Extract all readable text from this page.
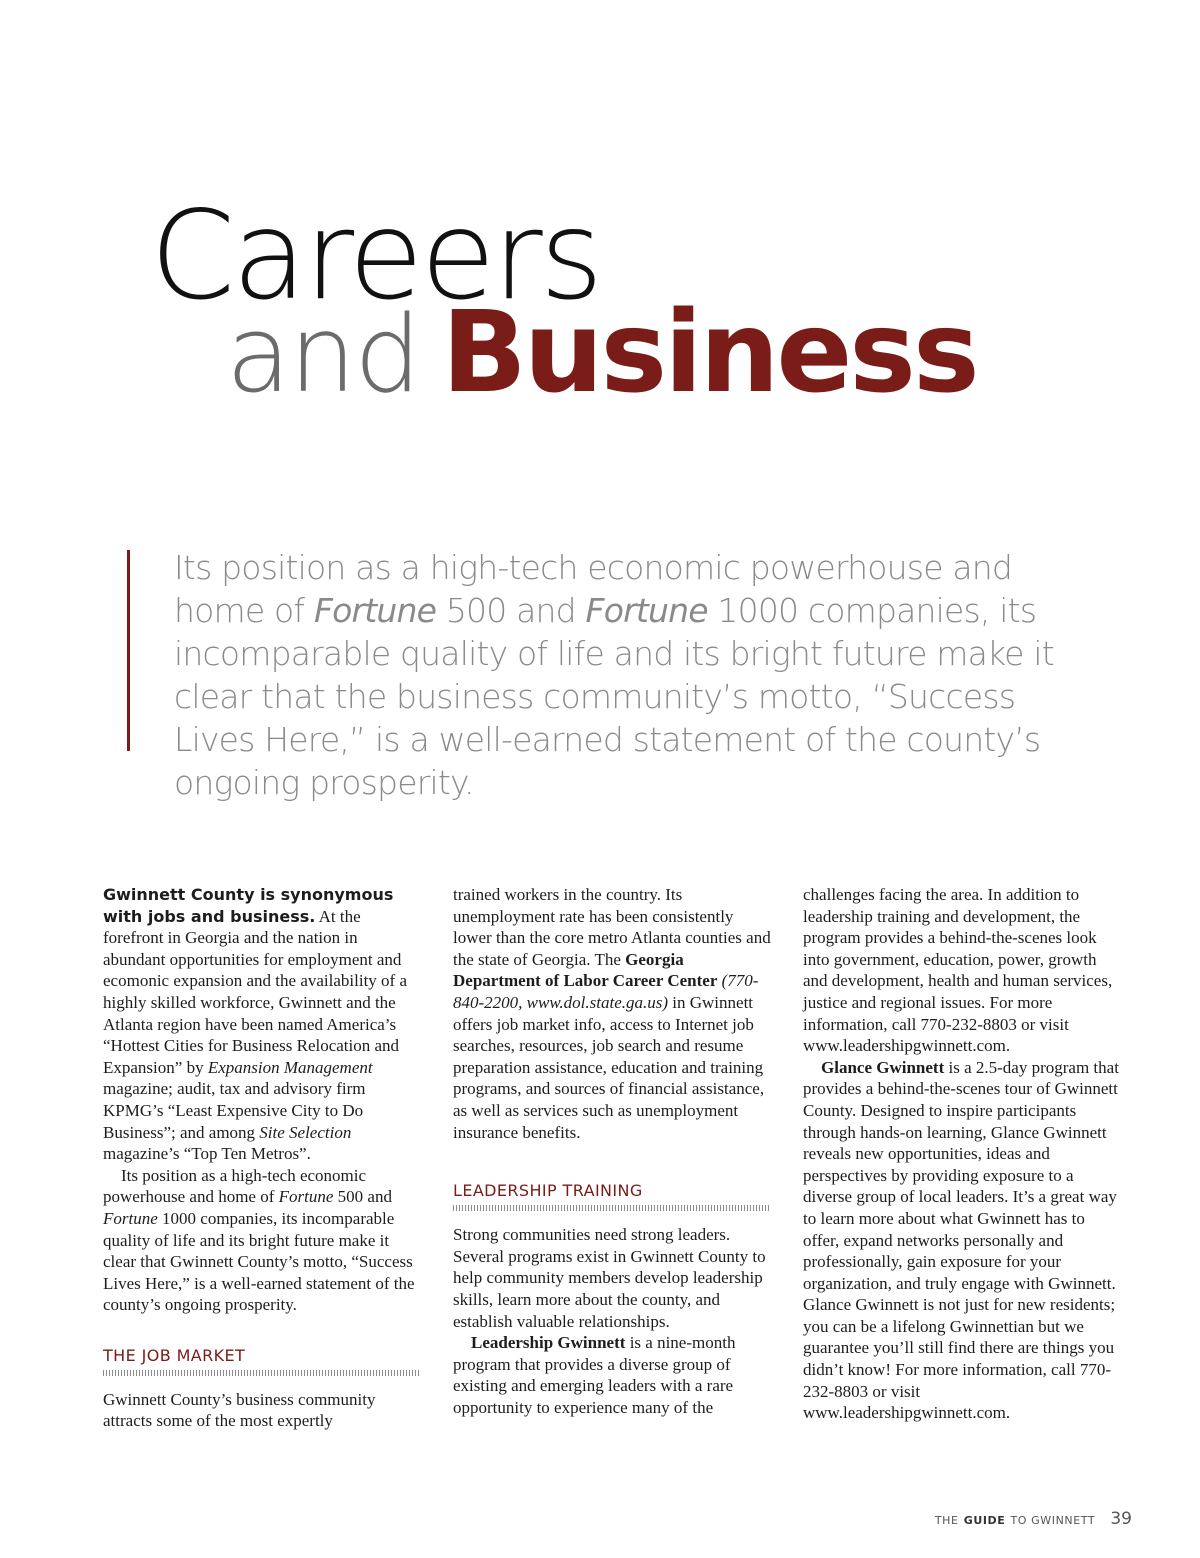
Careers
and Business
Its position as a high-tech economic powerhouse and home of Fortune 500 and Fortune 1000 companies, its incomparable quality of life and its bright future make it clear that the business community’s motto, “Success Lives Here,” is a well-earned statement of the county’s ongoing prosperity.

Gwinnett County is synonymous with jobs and business. At the forefront in Georgia and the nation in abundant opportunities for employment and ecomonic expansion and the availability of a highly skilled workforce, Gwinnett and the Atlanta region have been named America’s “Hottest Cities for Business Relocation and Expansion” by Expansion Management magazine; audit, tax and advisory firm KPMG’s “Least Expensive City to Do Business”; and among Site Selection magazine’s “Top Ten Metros”.

Its position as a high-tech economic powerhouse and home of Fortune 500 and Fortune 1000 companies, its incomparable quality of life and its bright future make it clear that Gwinnett County’s motto, “Success Lives Here,” is a well-earned statement of the county’s ongoing prosperity.

THE JOB MARKET

Gwinnett County’s business community attracts some of the most expertly

trained workers in the country. Its unemployment rate has been consistently lower than the core metro Atlanta counties and the state of Georgia. The Georgia Department of Labor Career Center (770-840-2200, www.dol.state.ga.us) in Gwinnett offers job market info, access to Internet job searches, resources, job search and resume preparation assistance, education and training programs, and sources of financial assistance, as well as services such as unemployment insurance benefits.

LEADERSHIP TRAINING

Strong communities need strong leaders. Several programs exist in Gwinnett County to help community members develop leadership skills, learn more about the county, and establish valuable relationships.

Leadership Gwinnett is a nine-month program that provides a diverse group of existing and emerging leaders with a rare opportunity to experience many of the

challenges facing the area. In addition to leadership training and development, the program provides a behind-the-scenes look into government, education, power, growth and development, health and human services, justice and regional issues. For more information, call 770-232-8803 or visit www.leadershipgwinnett.com.

Glance Gwinnett is a 2.5-day program that provides a behind-the-scenes tour of Gwinnett County. Designed to inspire participants through hands-on learning, Glance Gwinnett reveals new opportunities, ideas and perspectives by providing exposure to a diverse group of local leaders. It’s a great way to learn more about what Gwinnett has to offer, expand networks personally and professionally, gain exposure for your organization, and truly engage with Gwinnett. Glance Gwinnett is not just for new residents; you can be a lifelong Gwinnettian but we guarantee you’ll still find there are things you didn’t know! For more information, call 770-232-8803 or visit www.leadershipgwinnett.com.

THE GUIDE TO GWINNETT 39
